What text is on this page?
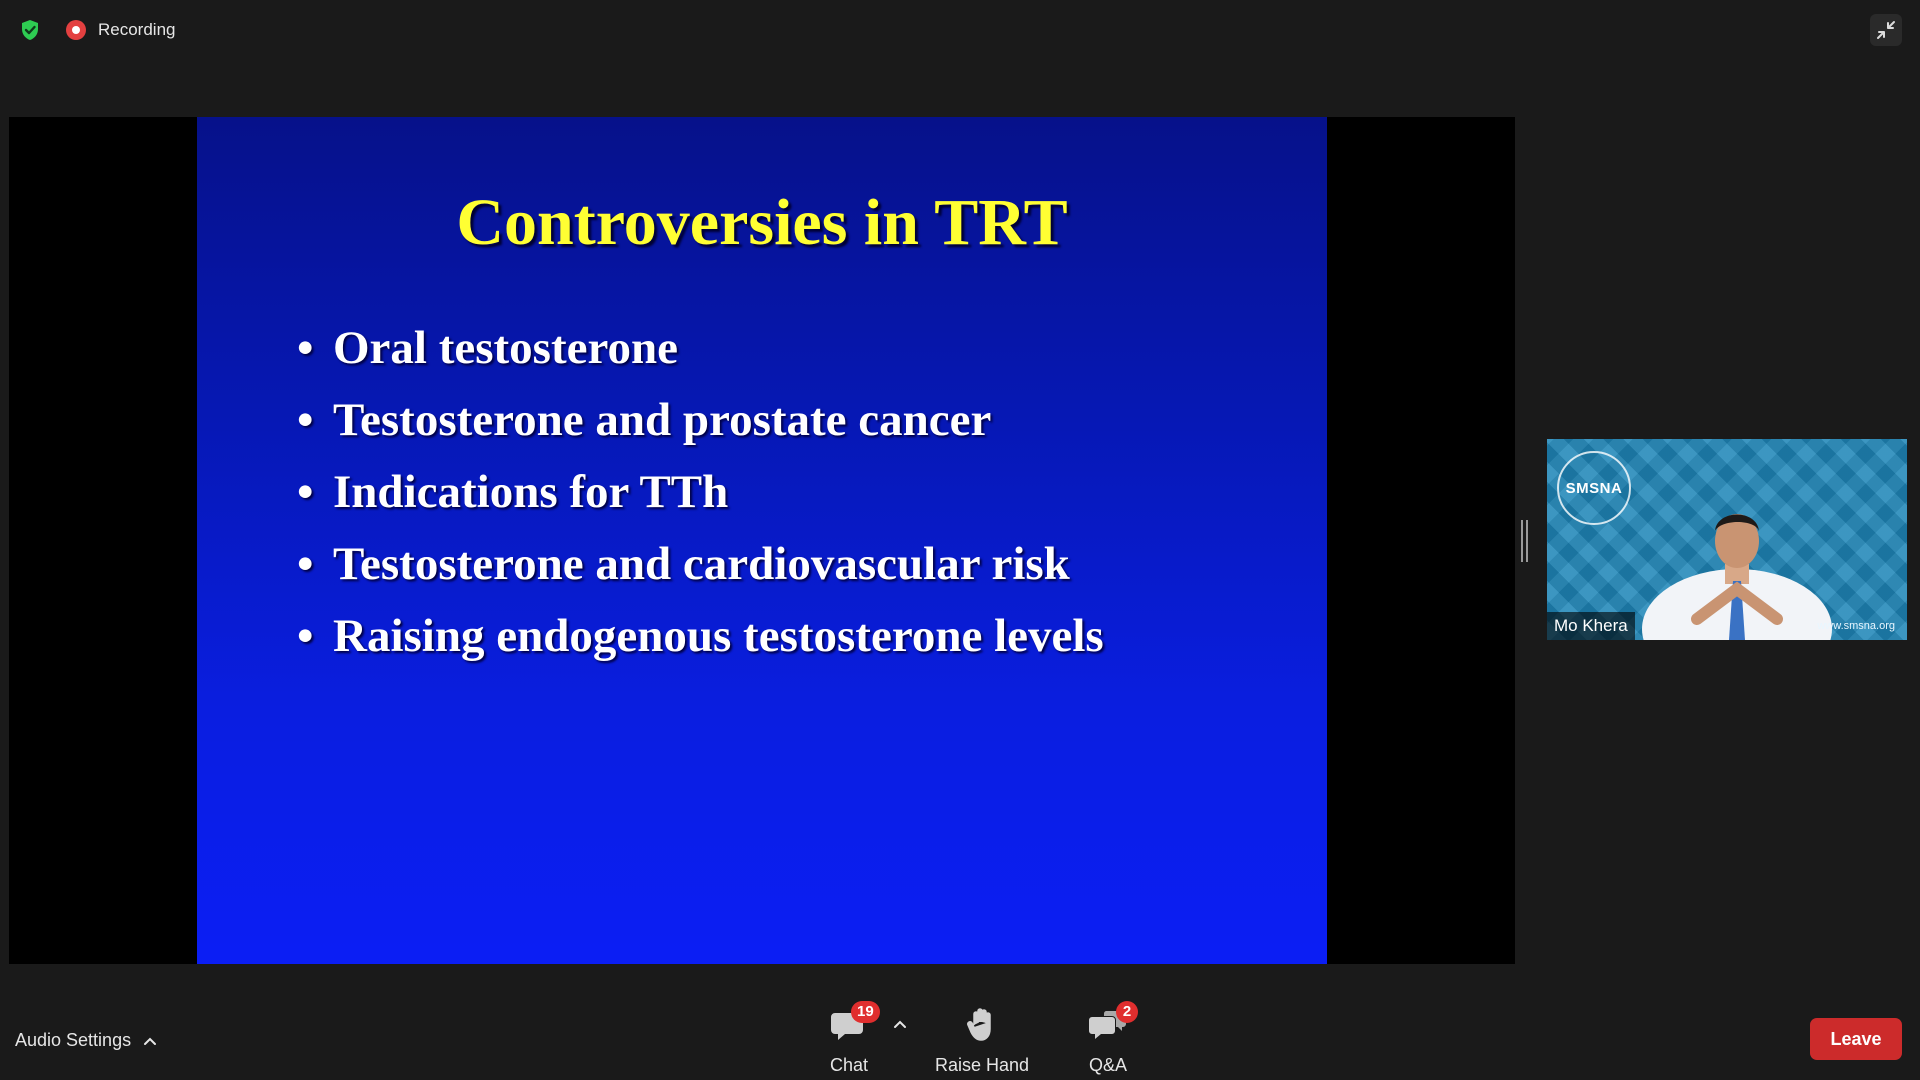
Recording
Controversies in TRT
• Oral testosterone
• Testosterone and prostate cancer
• Indications for TTh
• Testosterone and cardiovascular risk
• Raising endogenous testosterone levels
SMSNA
Mo Khera	www.smsna.org
Audio Settings
19
Chat	Raise Hand
2
Q&A
Leave
